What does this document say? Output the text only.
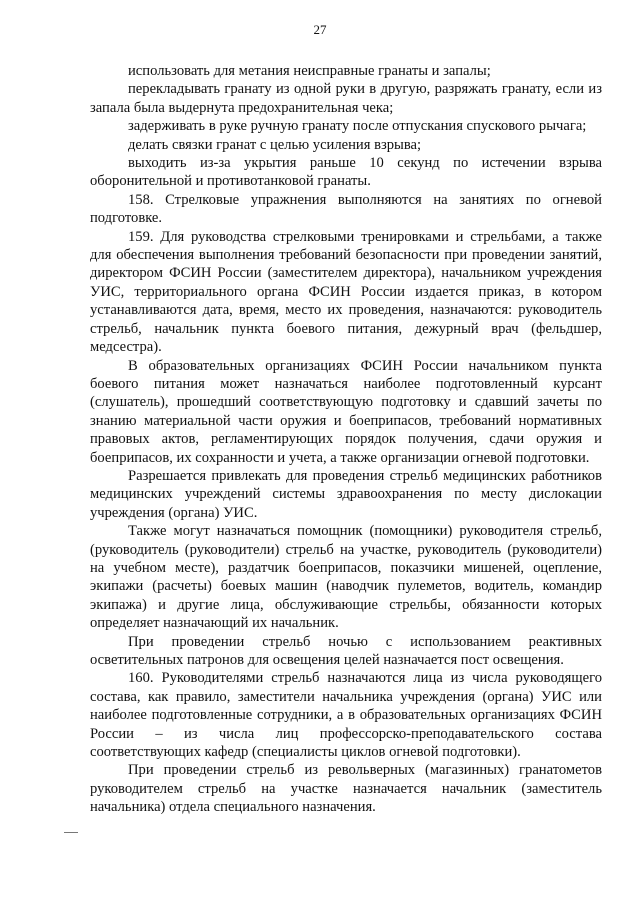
27

использовать для метания неисправные гранаты и запалы;

перекладывать гранату из одной руки в другую, разряжать гранату, если из запала была выдернута предохранительная чека;

задерживать в руке ручную гранату после отпускания спускового рычага;

делать связки гранат с целью усиления взрыва;

выходить из-за укрытия раньше 10 секунд по истечении взрыва оборонительной и противотанковой гранаты.

158. Стрелковые упражнения выполняются на занятиях по огневой подготовке.

159. Для руководства стрелковыми тренировками и стрельбами, а также для обеспечения выполнения требований безопасности при проведении занятий, директором ФСИН России (заместителем директора), начальником учреждения УИС, территориального органа ФСИН России издается приказ, в котором устанавливаются дата, время, место их проведения, назначаются: руководитель стрельб, начальник пункта боевого питания, дежурный врач (фельдшер, медсестра).

В образовательных организациях ФСИН России начальником пункта боевого питания может назначаться наиболее подготовленный курсант (слушатель), прошедший соответствующую подготовку и сдавший зачеты по знанию материальной части оружия и боеприпасов, требований нормативных правовых актов, регламентирующих порядок получения, сдачи оружия и боеприпасов, их сохранности и учета, а также организации огневой подготовки.

Разрешается привлекать для проведения стрельб медицинских работников медицинских учреждений системы здравоохранения по месту дислокации учреждения (органа) УИС.

Также могут назначаться помощник (помощники) руководителя стрельб, (руководитель (руководители) стрельб на участке, руководитель (руководители) на учебном месте), раздатчик боеприпасов, показчики мишеней, оцепление, экипажи (расчеты) боевых машин (наводчик пулеметов, водитель, командир экипажа) и другие лица, обслуживающие стрельбы, обязанности которых определяет назначающий их начальник.

При проведении стрельб ночью с использованием реактивных осветительных патронов для освещения целей назначается пост освещения.

160. Руководителями стрельб назначаются лица из числа руководящего состава, как правило, заместители начальника учреждения (органа) УИС или наиболее подготовленные сотрудники, а в образовательных организациях ФСИН России – из числа лиц профессорско-преподавательского состава соответствующих кафедр (специалисты циклов огневой подготовки).

При проведении стрельб из револьверных (магазинных) гранатометов руководителем стрельб на участке назначается начальник (заместитель начальника) отдела специального назначения.
